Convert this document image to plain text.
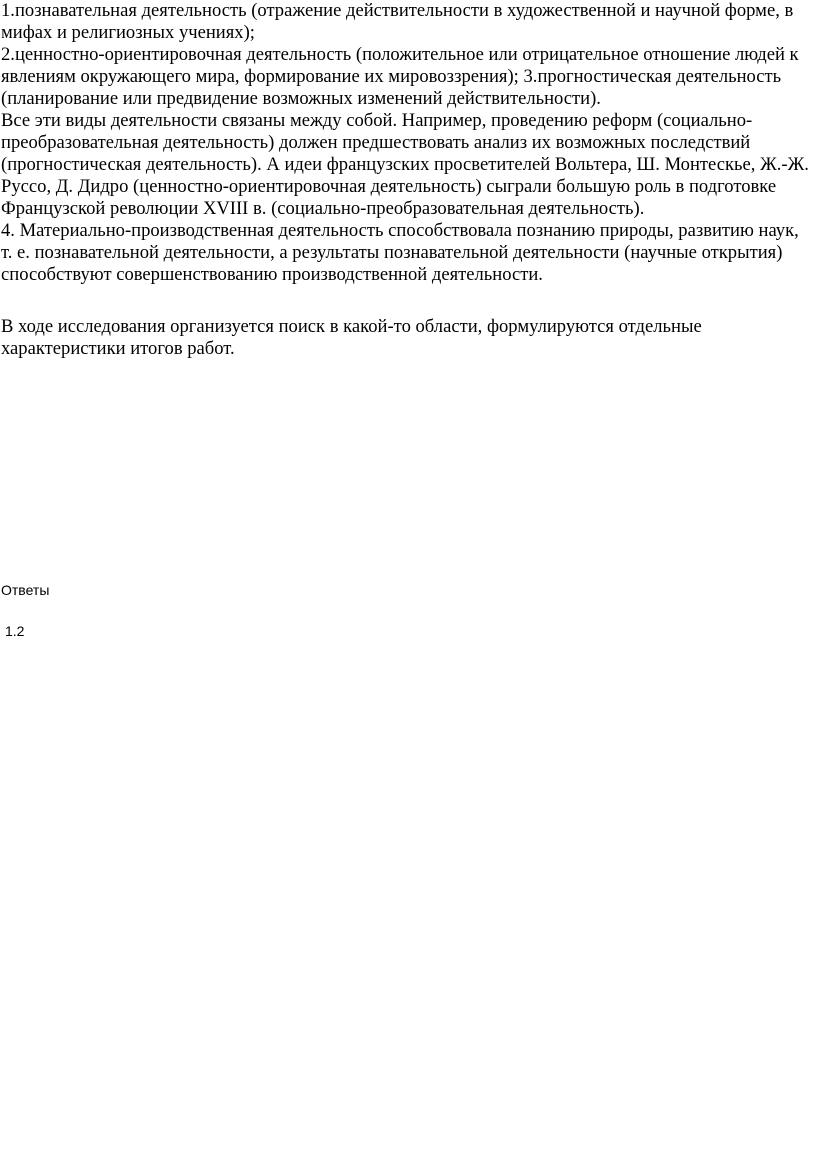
1.познавательная деятельность (отражение действительности в художественной и научной форме, в мифах и религиозных учениях);

2.ценностно-ориентировочная деятельность (положительное или отрицательное отношение людей к явлениям окружающего мира, формирование их мировоззрения); 3.прогностическая деятельность (планирование или предвидение возможных изменений действительности).

Все эти виды деятельности связаны между собой. Например, проведению реформ (социально-преобразовательная деятельность) должен предшествовать анализ их возможных последствий (прогностическая деятельность). А идеи французских просветителей Вольтера, Ш. Монтескье, Ж.-Ж. Руссо, Д. Дидро (ценностно-ориентировочная деятельность) сыграли большую роль в подготовке Французской революции XVIII в. (социально-преобразовательная деятельность).

4. Материально-производственная деятельность способствовала познанию природы, развитию наук, т. е. познавательной деятельности, а результаты познавательной деятельности (научные открытия) способствуют совершенствованию производственной деятельности.

В ходе исследования организуется поиск в какой-то области, формулируются отдельные характеристики итогов работ.

Ответы

1.2
